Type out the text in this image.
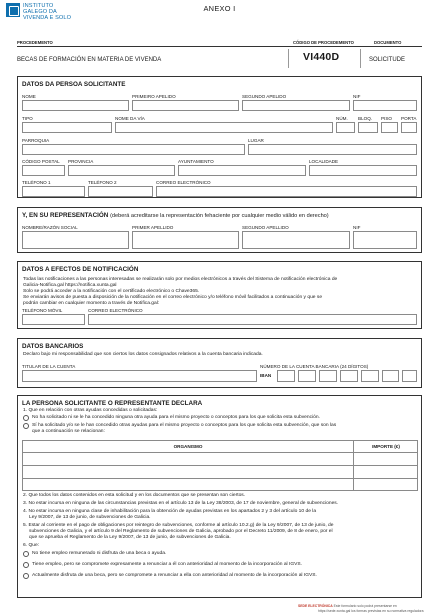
INSTITUTO
GALEGO DA
VIVENDA E SOLO
ANEXO I
PROCEDEMENTO	CÓDIGO DE PROCEDEMENTO	DOCUMENTO
BECAS DE FORMACIÓN EN MATERIA DE VIVENDA	VI440D	SOLICITUDE
DATOS DA PERSOA SOLICITANTE
NOME	PRIMEIRO APELIDO	SEGUNDO APELIDO	NIF
TIPO	NOME DA VÍA	NÚM. BLOQ. PISO PORTA
PARROQUIA	LUGAR
CÓDIGO POSTAL PROVINCIA	AYUNTAMIENTO	LOCALIDADE
TELÉFONO 1	TELÉFONO 2	CORREO ELECTRÓNICO
Y, EN SU REPRESENTACIÓN (deberá acreditarse la representación fehaciente por cualquier medio válido en derecho)
NOMBRE/RAZÓN SOCIAL	PRIMER APELLIDO	SEGUNDO APELLIDO	NIF
DATOS A EFECTOS DE NOTIFICACIÓN
Todas las notificaciones a las personas interesadas se realizarán solo por medios electrónicos a través del Sistema de notificación electrónica de
Galicia-Notifica.gal https://notifica.xunta.gal
Solo se podrá acceder a la notificación con el certificado electrónico o Chave365.
Se enviarán avisos de puesta a disposición de la notificación en el correo electrónico y/o teléfono móvil facilitados a continuación y que se
podrán cambiar en cualquier momento a través de Notifica.gal:
TELÉFONO MÓVIL	CORREO ELECTRÓNICO
DATOS BANCARIOS
Declaro bajo mi responsabilidad que son ciertos los datos consignados relativos a la cuenta bancaria indicada.
TITULAR DE LA CUENTA	NÚMERO DE LA CUENTA BANCARIA (24 DÍGITOS)
IBAN
LA PERSONA SOLICITANTE O REPRESENTANTE DECLARA
1. Que en relación con otras ayudas concedidas o solicitadas:
No ha solicitado ni se le ha concedido ninguna otra ayuda para el mismo proyecto o conceptos para los que solicita esta subvención.
Sí ha solicitado y/o se le han concedido otras ayudas para el mismo proyecto o conceptos para los que solicita esta subvención, que son las
que a continuación se relacionan:
ORGANISMO	IMPORTE (€)
2. Que todos los datos contenidos en esta solicitud y en los documentos que se presentan son ciertos.
3. No estar incursa en ninguna de las circunstancias previstas en el artículo 13 de la Ley 38/2003, de 17 de noviembre, general de subvenciones.
4. No estar incursa en ninguna clase de inhabilitación para la obtención de ayudas previstas en los apartados 2 y 3 del artículo 10 de la
Ley 9/2007, de 13 de junio, de subvenciones de Galicia.
5. Estar al corriente en el pago de obligaciones por reintegro de subvenciones, conforme al artículo 10.2.g) de la Ley 9/2007, de 13 de junio, de
subvenciones de Galicia, y el artículo 9 del Reglamento de subvenciones de Galicia, aprobado por el Decreto 11/2009, de 8 de enero, por el
que se aprueba el Reglamento de la Ley 9/2007, de 13 de junio, de subvenciones de Galicia.
6. Que:
No tiene empleo remunerado ni disfruta de una beca o ayuda.
Tiene empleo, pero se compromete expresamente a renunciar a él con anterioridad al momento de la incorporación al IGVS.
Actualmente disfruta de una beca, pero se compromete a renunciar a ella con anterioridad al momento de la incorporación al IGVS.
SEDE ELECTRÓNICA Este formulario solo podrá presentarse en
https://sede.xunta.gal los formas previstas en su normativa reguladora
